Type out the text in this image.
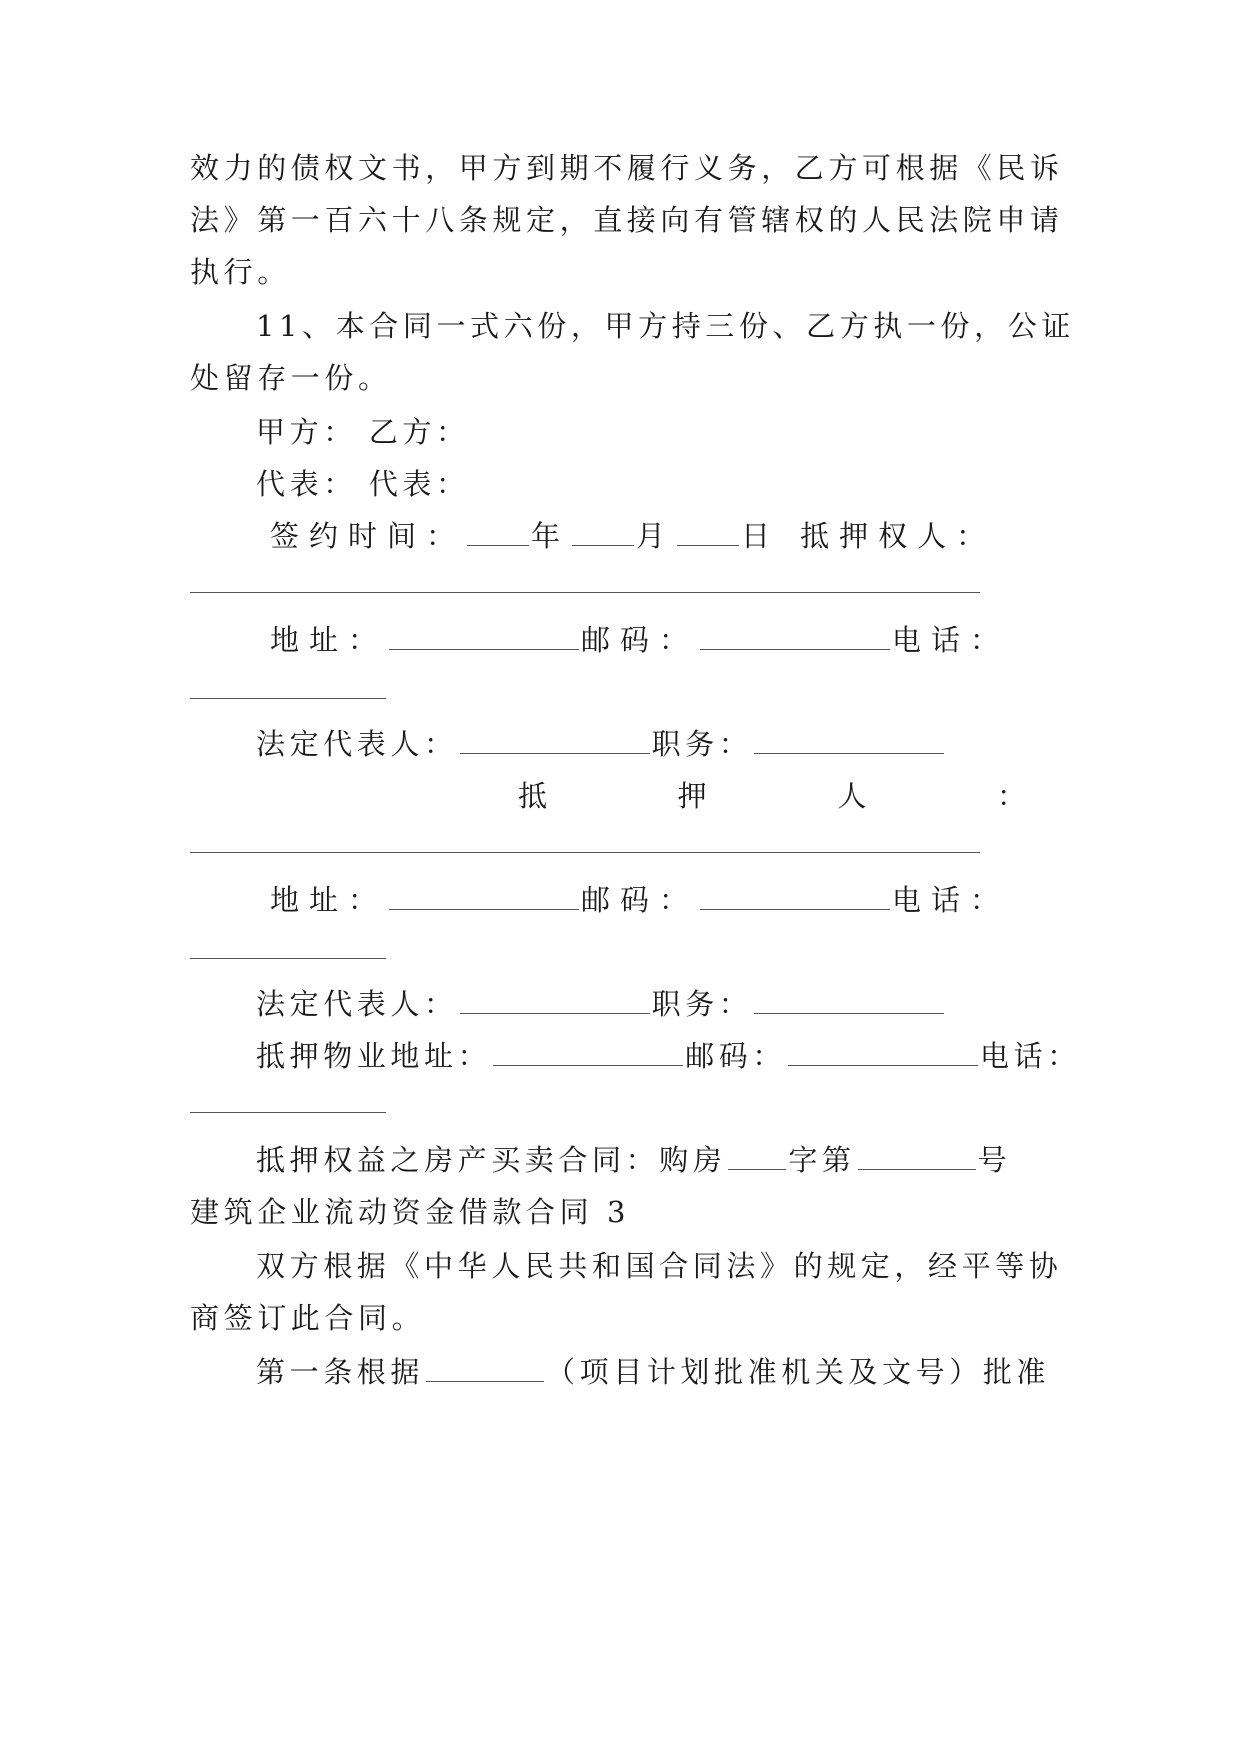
效力的债权文书，甲方到期不履行义务，乙方可根据《民诉
法》第一百六十八条规定，直接向有管辖权的人民法院申请
执行。
11、本合同一式六份，甲方持三份、乙方执一份，公证
处留存一份。
甲方： 乙方：
代表： 代表：
签约时间： 年 月 日 抵押权人：
地址：	邮码：	电话：
法定代表人：	职务：
抵	押	人	：
地址：	邮码：	电话：
法定代表人：	职务：
抵押物业地址：	邮码：	电话：
抵押权益之房产买卖合同：购房 字第	号
建筑企业流动资金借款合同 3
双方根据《中华人民共和国合同法》的规定，经平等协
商签订此合同。
第一条根据	（项目计划批准机关及文号）批准
